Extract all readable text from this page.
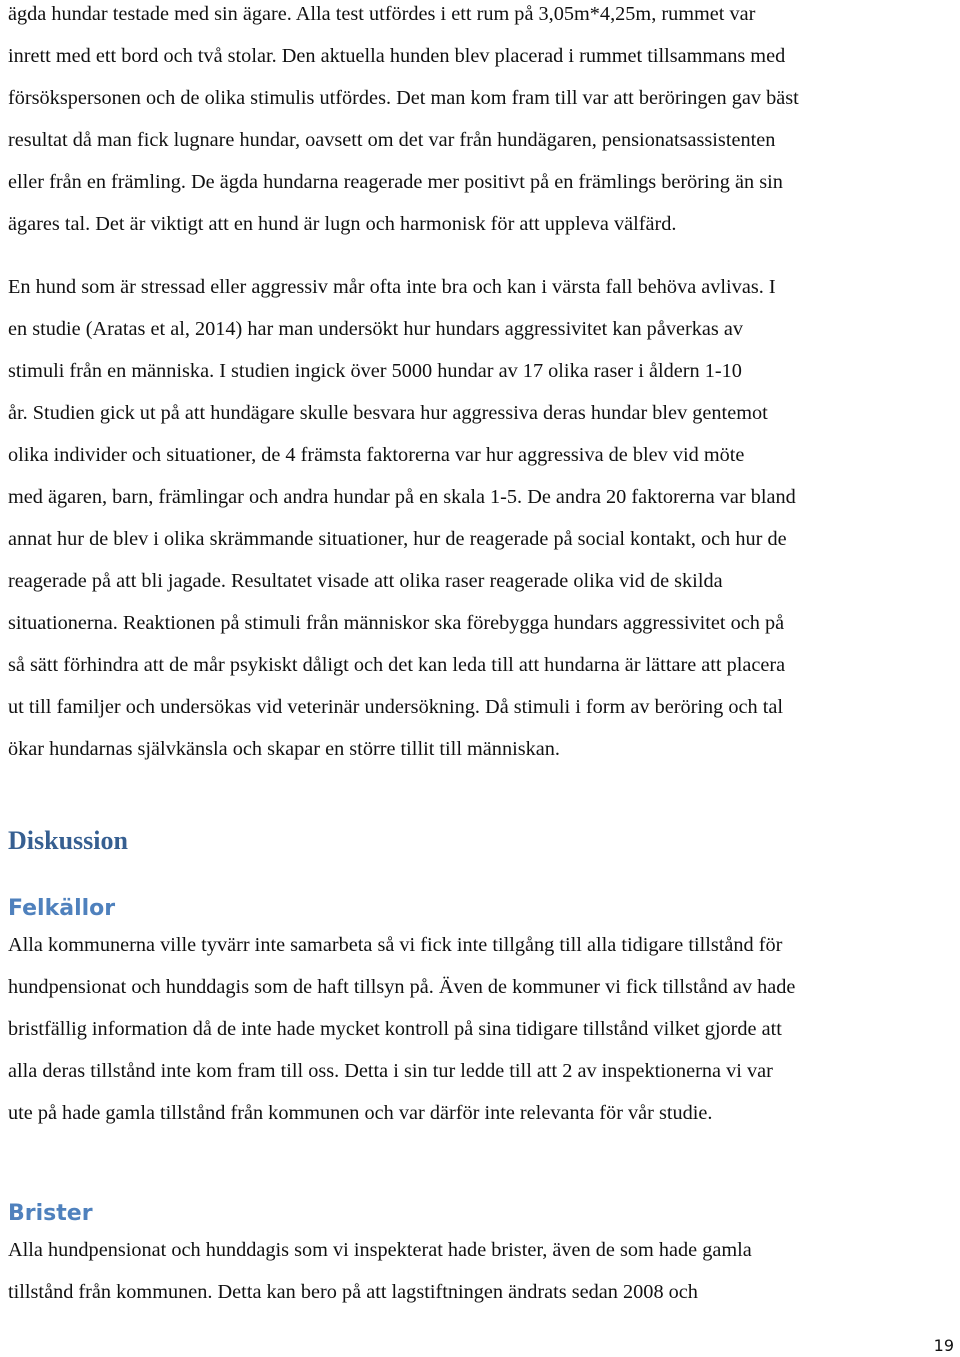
ägda hundar testade med sin ägare. Alla test utfördes i ett rum på 3,05m*4,25m, rummet var
inrett med ett bord och två stolar. Den aktuella hunden blev placerad i rummet tillsammans med
försökspersonen och de olika stimulis utfördes. Det man kom fram till var att beröringen gav bäst
resultat då man fick lugnare hundar, oavsett om det var från hundägaren, pensionatsassistenten
eller från en främling. De ägda hundarna reagerade mer positivt på en främlings beröring än sin
ägares tal. Det är viktigt att en hund är lugn och harmonisk för att uppleva välfärd.
En hund som är stressad eller aggressiv mår ofta inte bra och kan i värsta fall behöva avlivas. I
en studie (Aratas et al, 2014) har man undersökt hur hundars aggressivitet kan påverkas av
stimuli från en människa. I studien ingick över 5000 hundar av 17 olika raser i åldern 1-10
år. Studien gick ut på att hundägare skulle besvara hur aggressiva deras hundar blev gentemot
olika individer och situationer, de 4 främsta faktorerna var hur aggressiva de blev vid möte
med ägaren, barn, främlingar och andra hundar på en skala 1-5. De andra 20 faktorerna var bland
annat hur de blev i olika skrämmande situationer, hur de reagerade på social kontakt, och hur de
reagerade på att bli jagade. Resultatet visade att olika raser reagerade olika vid de skilda
situationerna. Reaktionen på stimuli från människor ska förebygga hundars aggressivitet och på
så sätt förhindra att de mår psykiskt dåligt och det kan leda till att hundarna är lättare att placera
ut till familjer och undersökas vid veterinär undersökning. Då stimuli i form av beröring och tal
ökar hundarnas självkänsla och skapar en större tillit till människan.
Diskussion
Felkällor
Alla kommunerna ville tyvärr inte samarbeta så vi fick inte tillgång till alla tidigare tillstånd för
hundpensionat och hunddagis som de haft tillsyn på. Även de kommuner vi fick tillstånd av hade
bristfällig information då de inte hade mycket kontroll på sina tidigare tillstånd vilket gjorde att
alla deras tillstånd inte kom fram till oss. Detta i sin tur ledde till att 2 av inspektionerna vi var
ute på hade gamla tillstånd från kommunen och var därför inte relevanta för vår studie.
Brister
Alla hundpensionat och hunddagis som vi inspekterat hade brister, även de som hade gamla
tillstånd från kommunen. Detta kan bero på att lagstiftningen ändrats sedan 2008 och
19
